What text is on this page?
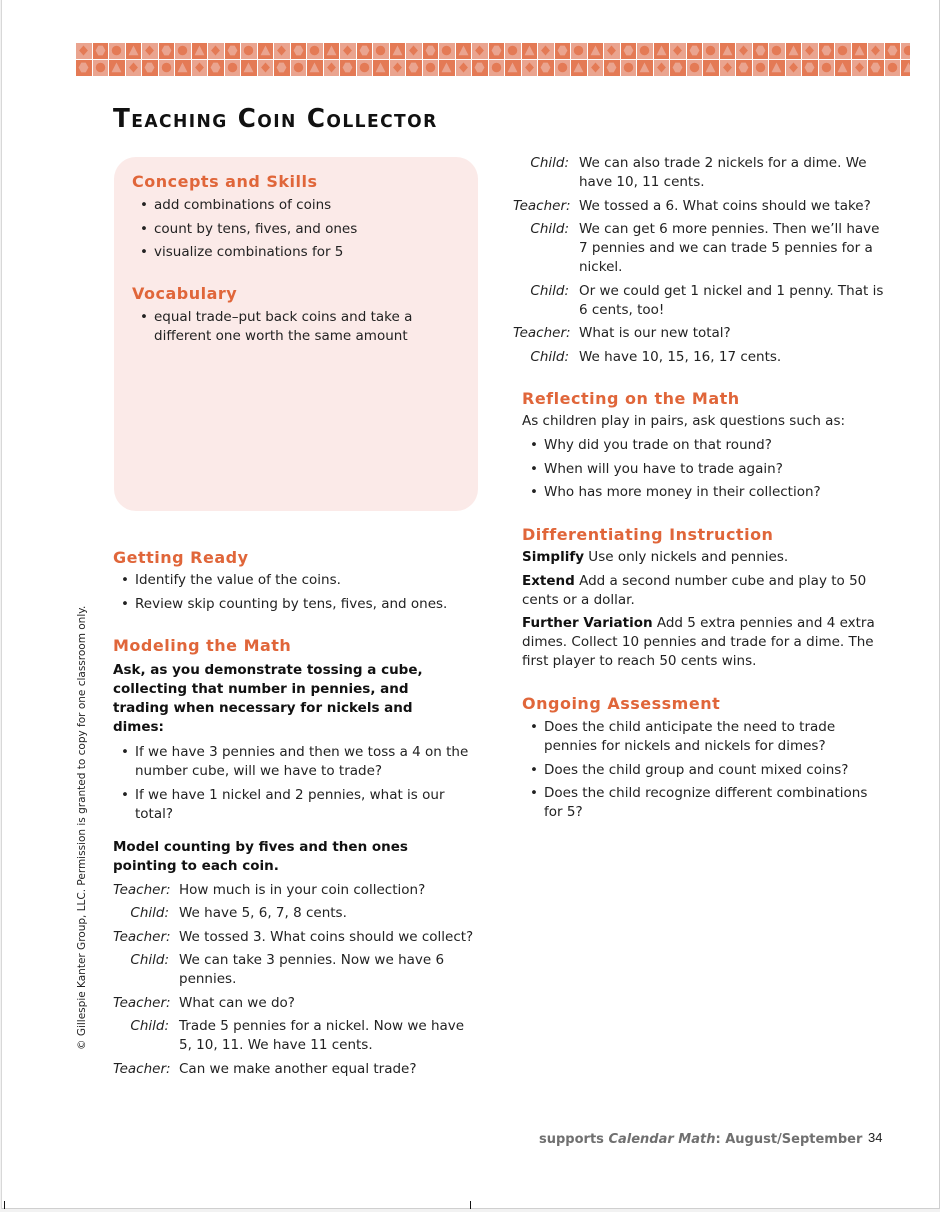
Teaching Coin Collector
Concepts and Skills
• add combinations of coins
• count by tens, fives, and ones
• visualize combinations for 5
Vocabulary
• equal trade–put back coins and take a different one worth the same amount
Getting Ready
• Identify the value of the coins.
• Review skip counting by tens, fives, and ones.
Modeling the Math
Ask, as you demonstrate tossing a cube, collecting that number in pennies, and trading when necessary for nickels and dimes:
• If we have 3 pennies and then we toss a 4 on the number cube, will we have to trade?
• If we have 1 nickel and 2 pennies, what is our total?
Model counting by fives and then ones pointing to each coin.
Teacher: How much is in your coin collection?
Child: We have 5, 6, 7, 8 cents.
Teacher: We tossed 3. What coins should we collect?
Child: We can take 3 pennies. Now we have 6 pennies.
Teacher: What can we do?
Child: Trade 5 pennies for a nickel. Now we have 5, 10, 11. We have 11 cents.
Teacher: Can we make another equal trade?
Child: We can also trade 2 nickels for a dime. We have 10, 11 cents.
Teacher: We tossed a 6. What coins should we take?
Child: We can get 6 more pennies. Then we’ll have 7 pennies and we can trade 5 pennies for a nickel.
Child: Or we could get 1 nickel and 1 penny. That is 6 cents, too!
Teacher: What is our new total?
Child: We have 10, 15, 16, 17 cents.
Reflecting on the Math
As children play in pairs, ask questions such as:
• Why did you trade on that round?
• When will you have to trade again?
• Who has more money in their collection?
Differentiating Instruction

Simplify Use only nickels and pennies.

Extend Add a second number cube and play to 50 cents or a dollar.

Further Variation Add 5 extra pennies and 4 extra dimes. Collect 10 pennies and trade for a dime. The first player to reach 50 cents wins.

Ongoing Assessment
• Does the child anticipate the need to trade pennies for nickels and nickels for dimes?
• Does the child group and count mixed coins?
• Does the child recognize different combinations for 5?
supports Calendar Math: August/September 34
© Gillespie Kanter Group, LLC. Permission is granted to copy for one classroom only.
